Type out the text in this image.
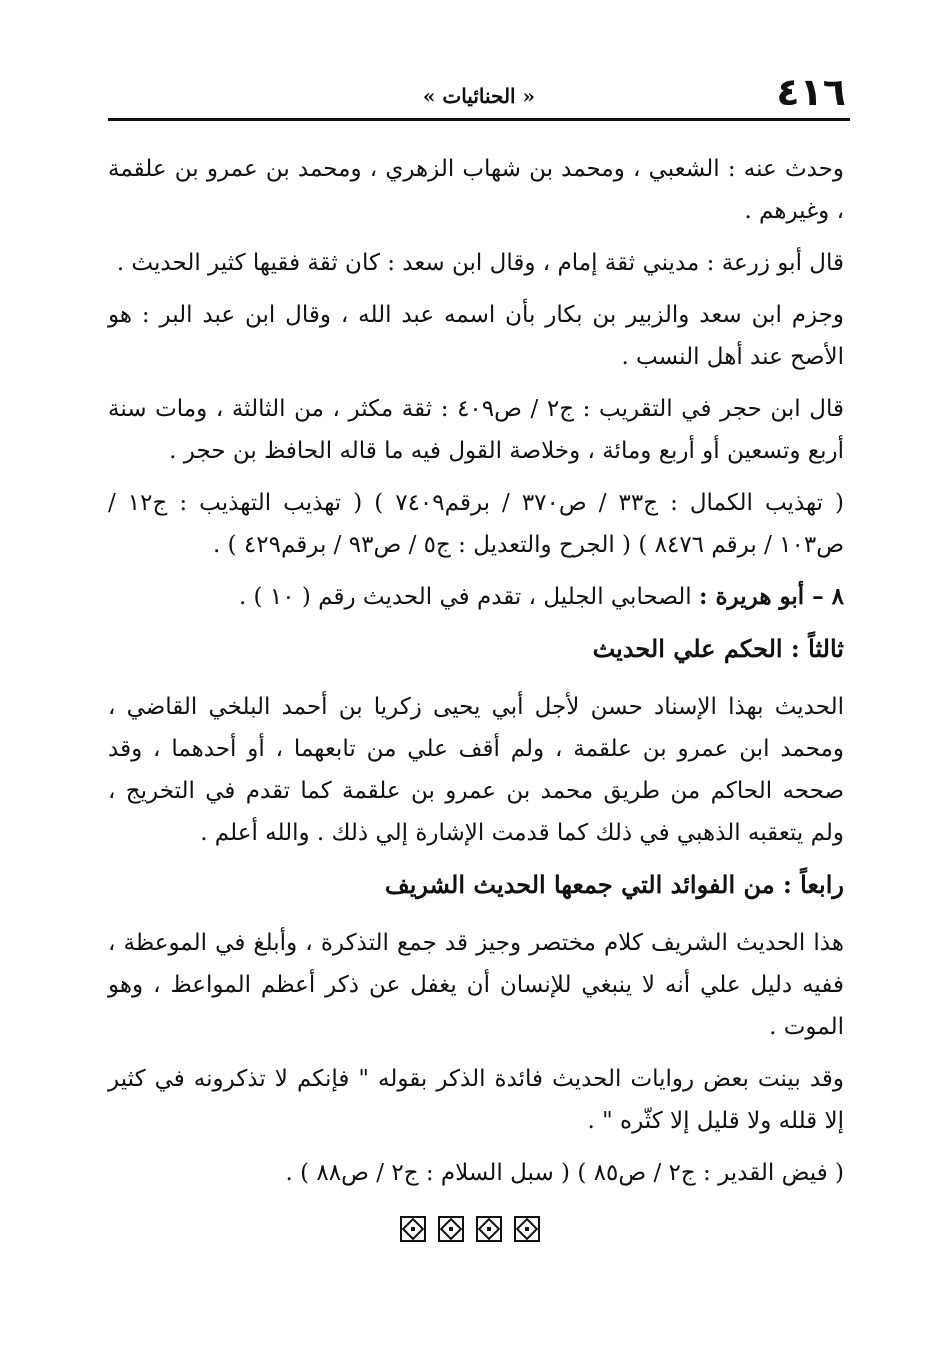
٤١٦
« الحنائيات »

وحدث عنه : الشعبي ، ومحمد بن شهاب الزهري ، ومحمد بن عمرو بن علقمة ، وغيرهم .

قال أبو زرعة : مديني ثقة إمام ، وقال ابن سعد : كان ثقة فقيها كثير الحديث .

وجزم ابن سعد والزبير بن بكار بأن اسمه عبد الله ، وقال ابن عبد البر : هو الأصح عند أهل النسب .

قال ابن حجر في التقريب : ج٢ / ص٤٠٩ : ثقة مكثر ، من الثالثة ، ومات سنة أربع وتسعين أو أربع ومائة ، وخلاصة القول فيه ما قاله الحافظ بن حجر .

( تهذيب الكمال : ج٣٣ / ص٣٧٠ / برقم٧٤٠٩ ) ( تهذيب التهذيب : ج١٢ / ص١٠٣ / برقم ٨٤٧٦ ) ( الجرح والتعديل : ج٥ / ص٩٣ / برقم٤٢٩ ) .

٨ – أبو هريرة : الصحابي الجليل ، تقدم في الحديث رقم ( ١٠ ) .

ثالثاً : الحكم علي الحديث

الحديث بهذا الإسناد حسن لأجل أبي يحيى زكريا بن أحمد البلخي القاضي ، ومحمد ابن عمرو بن علقمة ، ولم أقف علي من تابعهما ، أو أحدهما ، وقد صححه الحاكم من طريق محمد بن عمرو بن علقمة كما تقدم في التخريج ، ولم يتعقبه الذهبي في ذلك كما قدمت الإشارة إلي ذلك . والله أعلم .

رابعاً : من الفوائد التي جمعها الحديث الشريف

هذا الحديث الشريف كلام مختصر وجيز قد جمع التذكرة ، وأبلغ في الموعظة ، ففيه دليل علي أنه لا ينبغي للإنسان أن يغفل عن ذكر أعظم المواعظ ، وهو الموت .

وقد بينت بعض روايات الحديث فائدة الذكر بقوله " فإنكم لا تذكرونه في كثير إلا قلله ولا قليل إلا كثّره " .

( فيض القدير : ج٢ / ص٨٥ ) ( سبل السلام : ج٢ / ص٨٨ ) .
